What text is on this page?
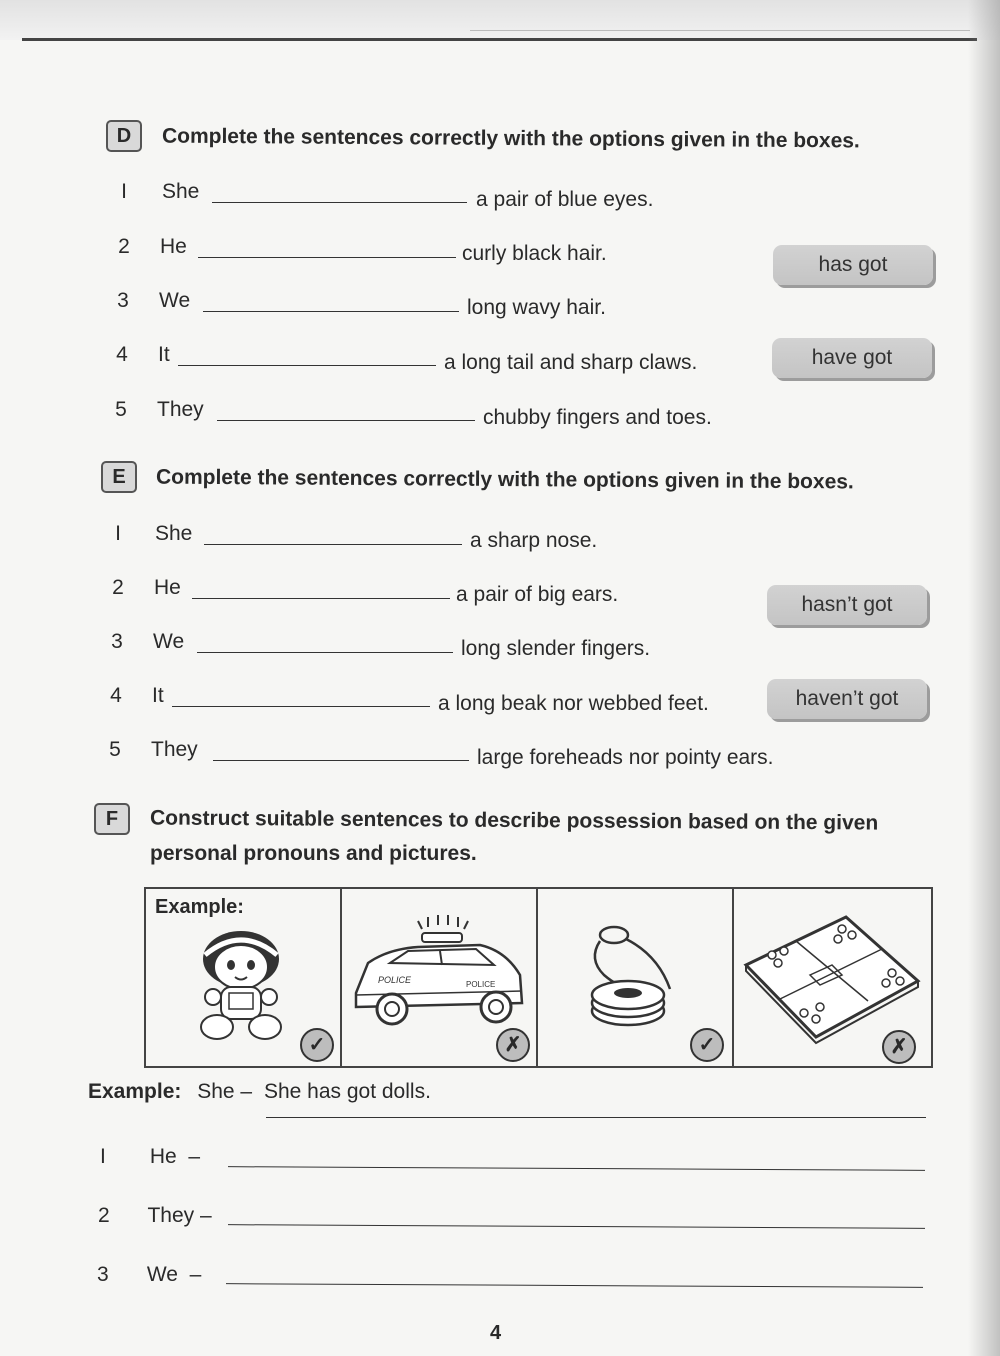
D	Complete the sentences correctly with the options given in the boxes.
I	She	a pair of blue eyes.
2 He	curly black hair.
3 We	long wavy hair.
4 It	a long tail and sharp claws.
5 They	chubby fingers and toes.
has got
have got
E	Complete the sentences correctly with the options given in the boxes.
I	She	a sharp nose.
2 He	a pair of big ears.
3 We	long slender fingers.
4 It	a long beak nor webbed feet.
5 They	large foreheads nor pointy ears.
hasn’t got
haven’t got
F	Construct suitable sentences to describe possession based on the given
personal pronouns and pictures.
Example:
✓
POLICE	POLICE
✗	✓	✗
Example: She – She has got dolls.
I He  –
2 They –
3 We  –
4
